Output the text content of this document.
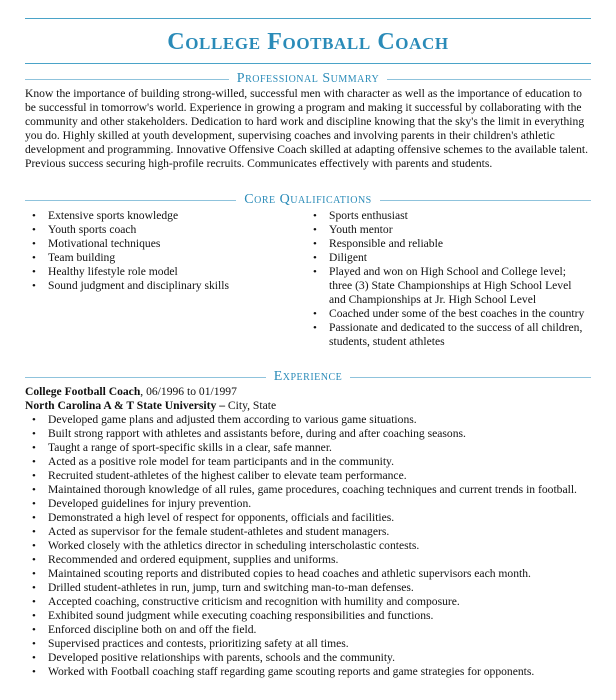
College Football Coach
Professional Summary
Know the importance of building strong-willed, successful men with character as well as the importance of education to be successful in tomorrow's world. Experience in growing a program and making it successful by collaborating with the community and other stakeholders. Dedication to hard work and discipline knowing that the sky's the limit in everything you do. Highly skilled at youth development, supervising coaches and involving parents in their children's athletic development and programming. Innovative Offensive Coach skilled at adapting offensive schemes to the available talent. Previous success securing high-profile recruits. Communicates effectively with parents and students.
Core Qualifications
• Extensive sports knowledge
• Youth sports coach
• Motivational techniques
• Team building
• Healthy lifestyle role model
• Sound judgment and disciplinary skills
• Sports enthusiast
• Youth mentor
• Responsible and reliable
• Diligent
• Played and won on High School and College level; three (3) State Championships at High School Level and Championships at Jr. High School Level
• Coached under some of the best coaches in the country
• Passionate and dedicated to the success of all children, students, student athletes
Experience
College Football Coach, 06/1996 to 01/1997
North Carolina A & T State University – City, State
• Developed game plans and adjusted them according to various game situations.
• Built strong rapport with athletes and assistants before, during and after coaching seasons.
• Taught a range of sport-specific skills in a clear, safe manner.
• Acted as a positive role model for team participants and in the community.
• Recruited student-athletes of the highest caliber to elevate team performance.
• Maintained thorough knowledge of all rules, game procedures, coaching techniques and current trends in football.
• Developed guidelines for injury prevention.
• Demonstrated a high level of respect for opponents, officials and facilities.
• Acted as supervisor for the female student-athletes and student managers.
• Worked closely with the athletics director in scheduling interscholastic contests.
• Recommended and ordered equipment, supplies and uniforms.
• Maintained scouting reports and distributed copies to head coaches and athletic supervisors each month.
• Drilled student-athletes in run, jump, turn and switching man-to-man defenses.
• Accepted coaching, constructive criticism and recognition with humility and composure.
• Exhibited sound judgment while executing coaching responsibilities and functions.
• Enforced discipline both on and off the field.
• Supervised practices and contests, prioritizing safety at all times.
• Developed positive relationships with parents, schools and the community.
• Worked with Football coaching staff regarding game scouting reports and game strategies for opponents.
